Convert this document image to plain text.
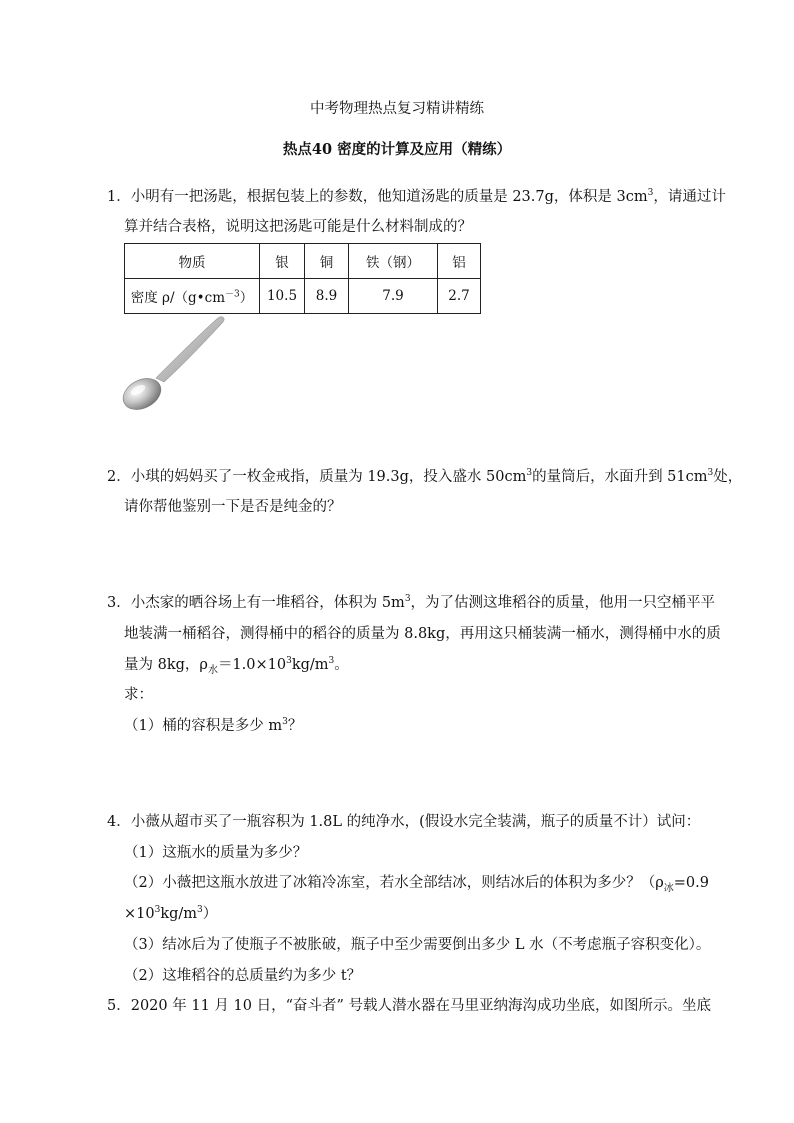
中考物理热点复习精讲精练
热点40 密度的计算及应用（精练）
1．小明有一把汤匙，根据包装上的参数，他知道汤匙的质量是 23.7g，体积是 $3cm^3$，请通过计
算并结合表格，说明这把汤匙可能是什么材料制成的？
物质	银	铜	铁（钢）	铝
密度 $\rho/(g•cm^{-3})$	10.5	8.9	7.9	2.7
2．小琪的妈妈买了一枚金戒指，质量为 19.3g，投入盛水 $50cm^3$的量筒后，水面升到 $51cm^3$处，
请你帮他鉴别一下是否是纯金的？
3．小杰家的晒谷场上有一堆稻谷，体积为 $5m^3$，为了估测这堆稻谷的质量，他用一只空桶平平
地装满一桶稻谷，测得桶中的稻谷的质量为 8.8kg，再用这只桶装满一桶水，测得桶中水的质
量为 8kg，$\rho_水=1.0\times 10^3kg/m^3$。
求：
（1）桶的容积是多少 $m^3$？
4．小薇从超市买了一瓶容积为 1.8L 的纯净水，(假设水完全装满，瓶子的质量不计）试问：
（1）这瓶水的质量为多少？
（2）小薇把这瓶水放进了冰箱冷冻室，若水全部结冰，则结冰后的体积为多少？（$\rho_冰=0.9$
$\times 10^3kg/m^3$）
（3）结冰后为了使瓶子不被胀破，瓶子中至少需要倒出多少 L 水（不考虑瓶子容积变化）。
（2）这堆稻谷的总质量约为多少 t？
5．2020 年 11 月 10 日，“奋斗者” 号载人潜水器在马里亚纳海沟成功坐底，如图所示。坐底
